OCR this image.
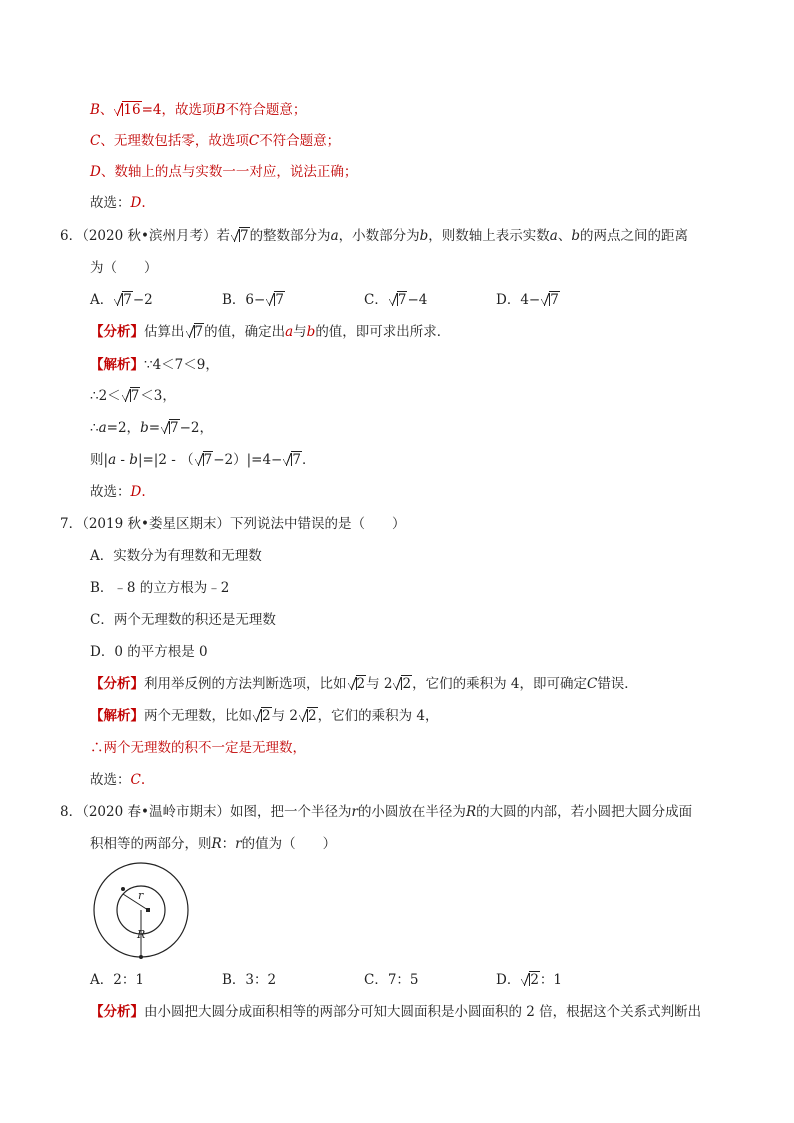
B、 16=4，故选项B不符合题意；
C、无理数包括零，故选项C不符合题意；
D、数轴上的点与实数一一对应，说法正确；
故选：D.
6．（2020 秋•滨州月考）若 7的整数部分为a，小数部分为b，则数轴上表示实数a、b的两点之间的距离
为（　　）
A． 7−2	B．6− 7	C． 7−4	D．4− 7
【分析】估算出 7的值，确定出a与b的值，即可求出所求．
【解析】∵4＜7＜9，
∴2＜ 7＜3，
∴a=2，b= 7−2，
则|a - b|=|2 - （ 7−2）|=4− 7．
故选：D.
7．（2019 秋•娄星区期末）下列说法中错误的是（　　）
A．实数分为有理数和无理数
B．﹣8 的立方根为﹣2
C．两个无理数的积还是无理数
D．0 的平方根是 0
【分析】利用举反例的方法判断选项，比如 2与 2 2，它们的乘积为 4，即可确定C错误．
【解析】两个无理数，比如 2与 2 2，它们的乘积为 4，
∴两个无理数的积不一定是无理数，
故选：C.
8．（2020 春•温岭市期末）如图，把一个半径为r的小圆放在半径为R的大圆的内部，若小圆把大圆分成面
积相等的两部分，则R：r的值为（　　）
r
R
A．2：1	B．3：2	C．7：5	D． 2：1
【分析】由小圆把大圆分成面积相等的两部分可知大圆面积是小圆面积的 2 倍，根据这个关系式判断出
